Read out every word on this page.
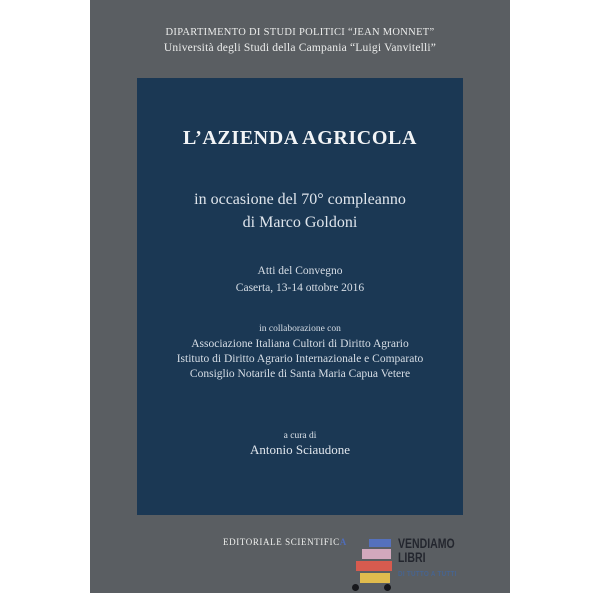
DIPARTIMENTO DI STUDI POLITICI “JEAN MONNET”
Università degli Studi della Campania “Luigi Vanvitelli”
L’AZIENDA AGRICOLA
in occasione del 70° compleanno
di Marco Goldoni
Atti del Convegno
Caserta, 13-14 ottobre 2016
in collaborazione con
Associazione Italiana Cultori di Diritto Agrario
Istituto di Diritto Agrario Internazionale e Comparato
Consiglio Notarile di Santa Maria Capua Vetere
a cura di
Antonio Sciaudone
EDITORIALE SCIENTIFICA	VENDIAMO
LIBRI
DI TUTTO A TUTTI
